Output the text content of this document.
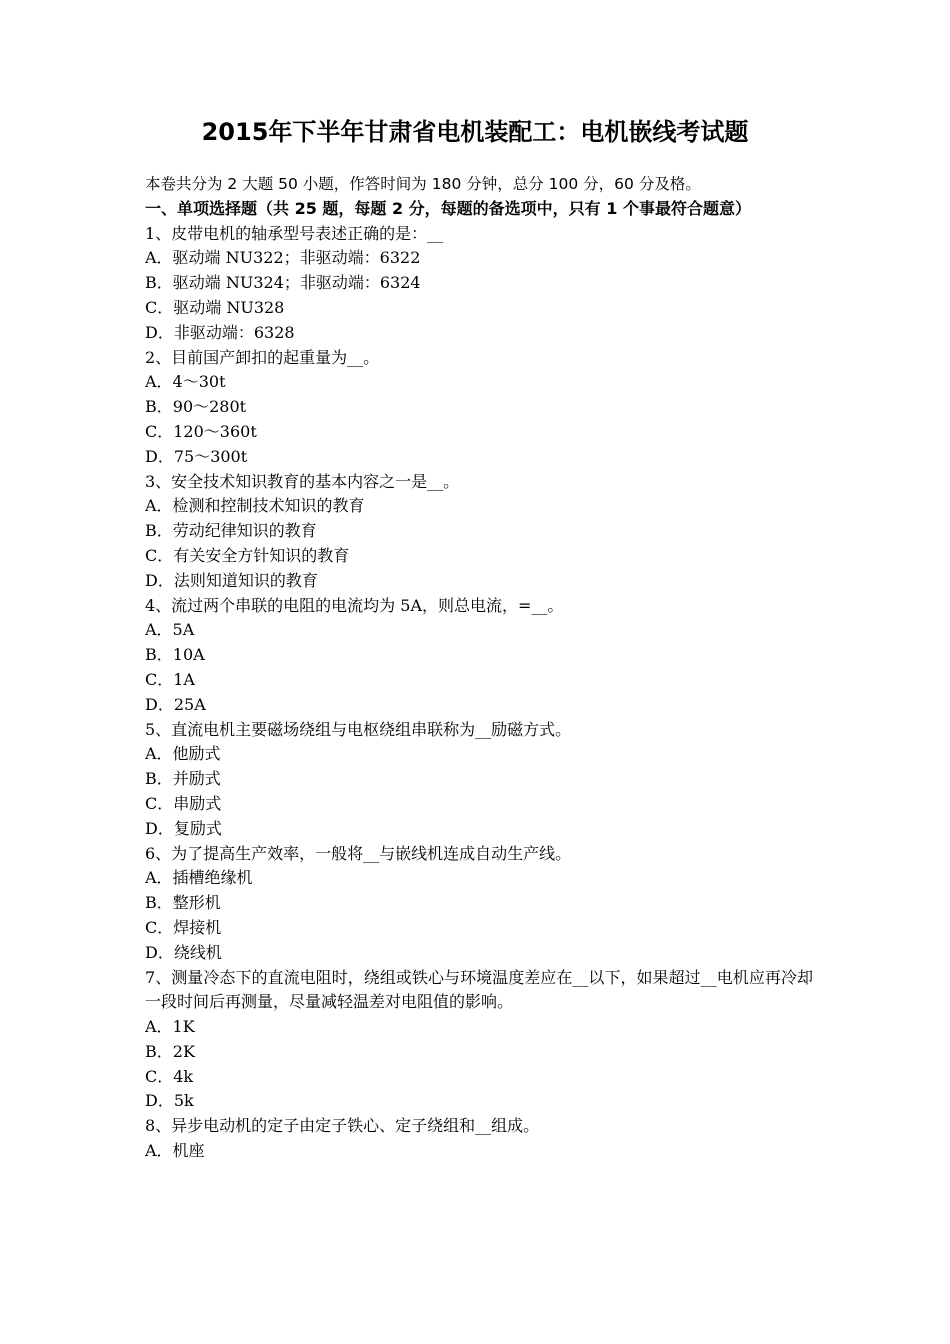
2015年下半年甘肃省电机装配工：电机嵌线考试题

本卷共分为 2 大题 50 小题，作答时间为 180 分钟，总分 100 分，60 分及格。

一、单项选择题（共 25 题，每题 2 分，每题的备选项中，只有 1 个事最符合题意）

1、皮带电机的轴承型号表述正确的是：__

A．驱动端 NU322；非驱动端：6322

B．驱动端 NU324；非驱动端：6324

C．驱动端 NU328

D．非驱动端：6328

2、目前国产卸扣的起重量为__。

A．4～30t

B．90～280t

C．120～360t

D．75～300t

3、安全技术知识教育的基本内容之一是__。

A．检测和控制技术知识的教育

B．劳动纪律知识的教育

C．有关安全方针知识的教育

D．法则知道知识的教育

4、流过两个串联的电阻的电流均为 5A，则总电流，=__。

A．5A

B．10A

C．1A

D．25A

5、直流电机主要磁场绕组与电枢绕组串联称为__励磁方式。

A．他励式

B．并励式

C．串励式

D．复励式

6、为了提高生产效率，一般将__与嵌线机连成自动生产线。

A．插槽绝缘机

B．整形机

C．焊接机

D．绕线机

7、测量冷态下的直流电阻时，绕组或铁心与环境温度差应在__以下，如果超过__电机应再冷却一段时间后再测量，尽量减轻温差对电阻值的影响。

A．1K

B．2K

C．4k

D．5k

8、异步电动机的定子由定子铁心、定子绕组和__组成。

A．机座
